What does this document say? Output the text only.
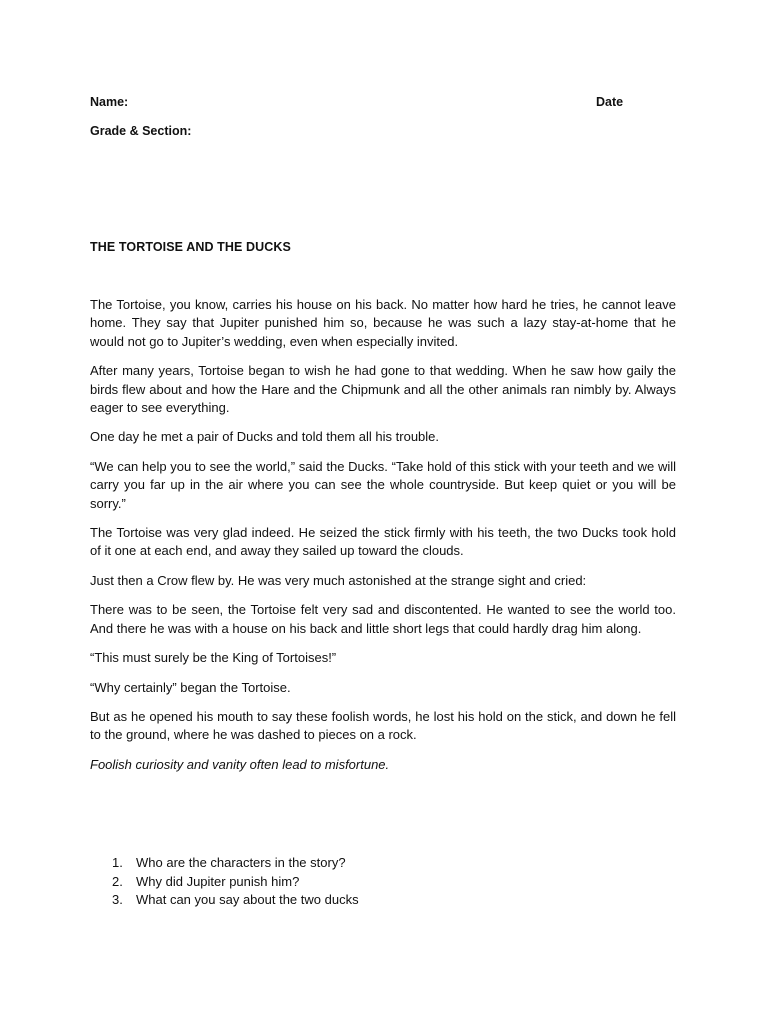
Name:	Date
Grade & Section:
THE TORTOISE AND THE DUCKS

The Tortoise, you know, carries his house on his back. No matter how hard he tries, he cannot leave home. They say that Jupiter punished him so, because he was such a lazy stay-at-home that he would not go to Jupiter’s wedding, even when especially invited.

After many years, Tortoise began to wish he had gone to that wedding. When he saw how gaily the birds flew about and how the Hare and the Chipmunk and all the other animals ran nimbly by. Always eager to see everything.

One day he met a pair of Ducks and told them all his trouble.

“We can help you to see the world,” said the Ducks. “Take hold of this stick with your teeth and we will carry you far up in the air where you can see the whole countryside. But keep quiet or you will be sorry.”

The Tortoise was very glad indeed. He seized the stick firmly with his teeth, the two Ducks took hold of it one at each end, and away they sailed up toward the clouds.

Just then a Crow flew by. He was very much astonished at the strange sight and cried:

There was to be seen, the Tortoise felt very sad and discontented. He wanted to see the world too. And there he was with a house on his back and little short legs that could hardly drag him along.

“This must surely be the King of Tortoises!”

“Why certainly” began the Tortoise.

But as he opened his mouth to say these foolish words, he lost his hold on the stick, and down he fell to the ground, where he was dashed to pieces on a rock.

Foolish curiosity and vanity often lead to misfortune.

1.	Who are the characters in the story?
2.	Why did Jupiter punish him?
3.	What can you say about the two ducks
